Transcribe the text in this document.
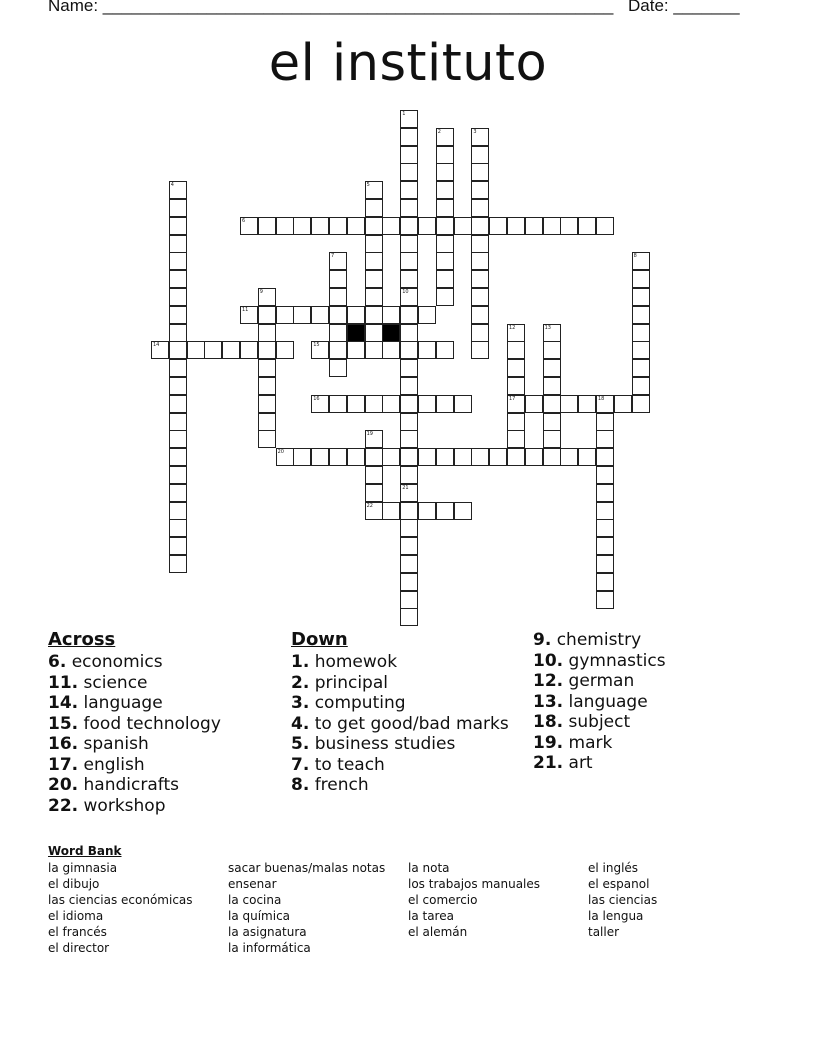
Name: ______________________________________________________ Date: _______
el instituto
1
10
2	3
4	5
6
7	8
9
21
11
12
17
13
14	15
16	18
19
22
20
Across
6. economics
11. science
14. language
15. food technology
16. spanish
17. english
20. handicrafts
22. workshop
Down
1. homewok
2. principal
3. computing
4. to get good/bad marks
5. business studies
7. to teach
8. french
9. chemistry
10. gymnastics
12. german
13. language
18. subject
19. mark
21. art
Word Bank
la gimnasia
el dibujo
las ciencias económicas
el idioma
el francés
el director
sacar buenas/malas notas
ensenar
la cocina
la química
la asignatura
la informática
la nota
los trabajos manuales
el comercio
la tarea
el alemán
el inglés
el espanol
las ciencias
la lengua
taller
